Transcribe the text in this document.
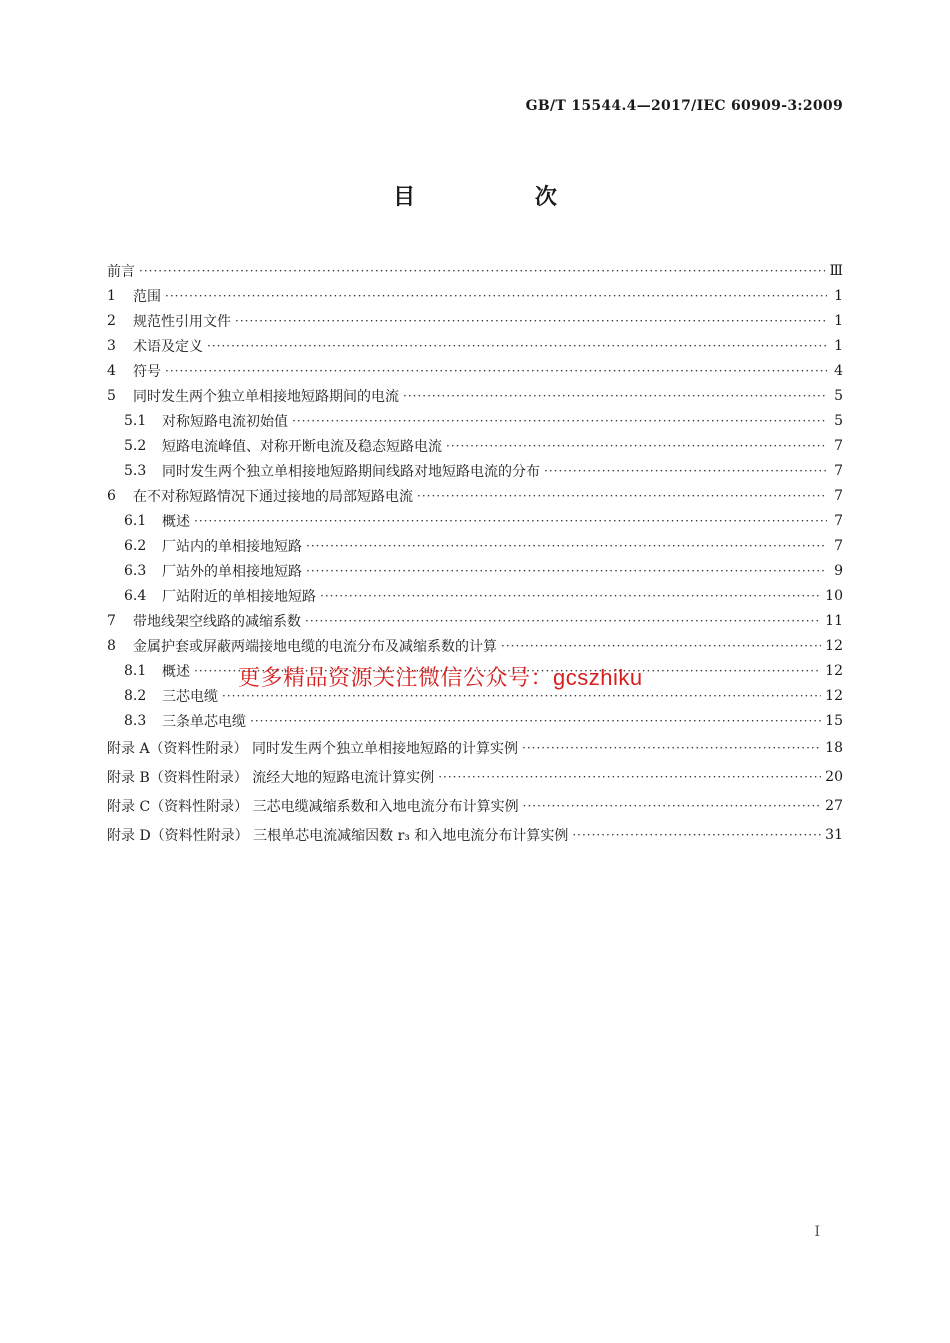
GB/T 15544.4—2017/IEC 60909-3:2009
目 次
前言 ·····	Ⅲ
1	范围 ·····	1
2	规范性引用文件 ·····	1
3	术语及定义 ·····	1
4	符号 ·····	4
5	同时发生两个独立单相接地短路期间的电流 ·····	5
5.1	对称短路电流初始值 ·····	5
5.2	短路电流峰值、对称开断电流及稳态短路电流 ·····	7
5.3	同时发生两个独立单相接地短路期间线路对地短路电流的分布 ·····	7
6	在不对称短路情况下通过接地的局部短路电流 ·····	7
6.1	概述 ·····	7
6.2	厂站内的单相接地短路 ·····	7
6.3	厂站外的单相接地短路 ·····	9
6.4	厂站附近的单相接地短路 ·····	10
7	带地线架空线路的减缩系数 ·····	11
8	金属护套或屏蔽两端接地电缆的电流分布及减缩系数的计算 ·····	12
8.1	概述 ·····	12
8.2	三芯电缆 ·····	12
8.3	三条单芯电缆 ·····	15
附录 A（资料性附录） 同时发生两个独立单相接地短路的计算实例 ·····	18
附录 B（资料性附录） 流经大地的短路电流计算实例 ·····	20
附录 C（资料性附录） 三芯电缆减缩系数和入地电流分布计算实例 ·····	27
附录 D（资料性附录） 三根单芯电流减缩因数 r₃ 和入地电流分布计算实例 ·····	31
更多精品资源关注微信公众号：gcszhiku
I
